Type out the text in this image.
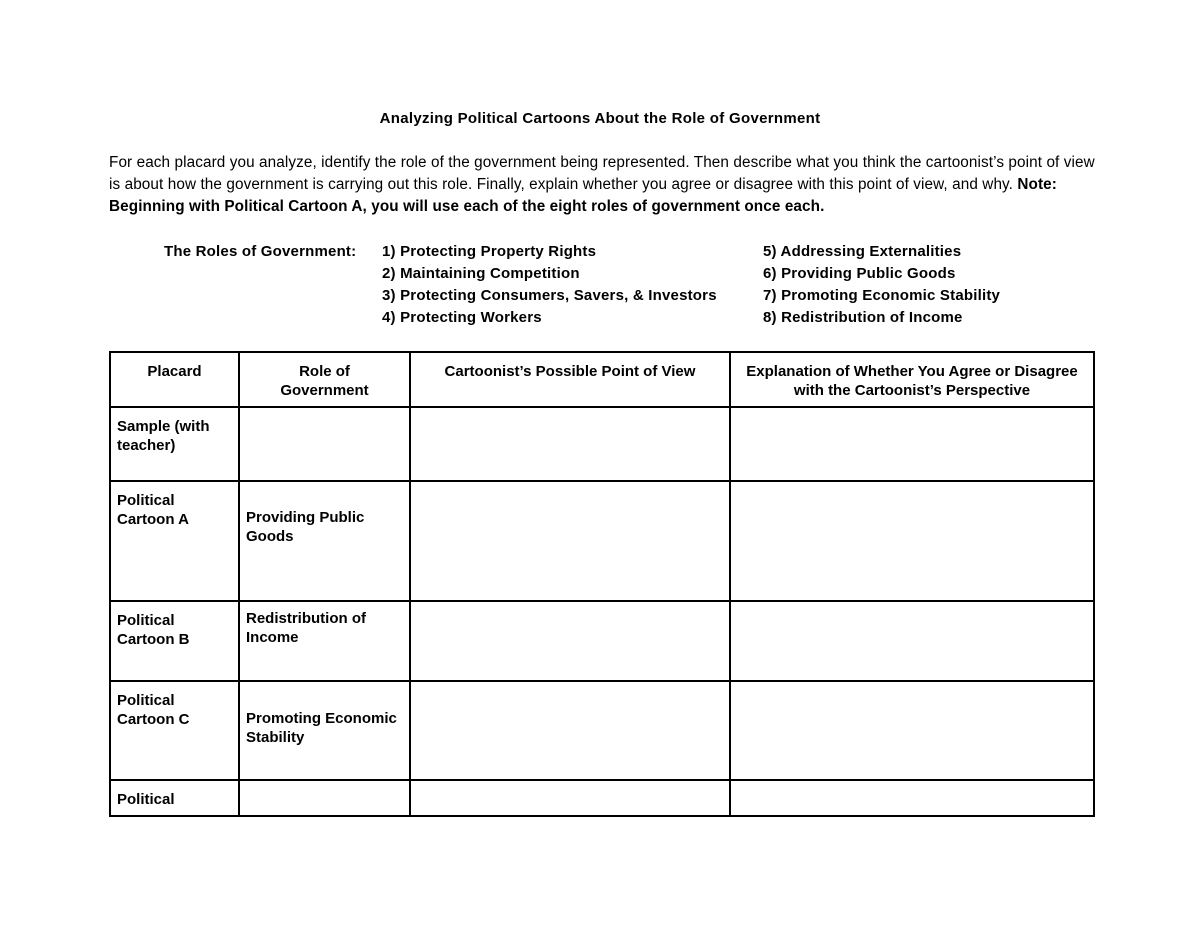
Analyzing Political Cartoons About the Role of Government
For each placard you analyze, identify the role of the government being represented. Then describe what you think the cartoonist’s point of view is about how the government is carrying out this role. Finally, explain whether you agree or disagree with this point of view, and why. Note: Beginning with Political Cartoon A, you will use each of the eight roles of government once each.
The Roles of Government: 1) Protecting Property Rights
2) Maintaining Competition
3) Protecting Consumers, Savers, & Investors
4) Protecting Workers
5) Addressing Externalities
6) Providing Public Goods
7) Promoting Economic Stability
8) Redistribution of Income
Placard	Role of Government	Cartoonist’s Possible Point of View	Explanation of Whether You Agree or Disagree with the Cartoonist’s Perspective

Sample (with teacher)			

Political Cartoon A	Providing Public Goods		

Political Cartoon B	Redistribution of Income		

Political Cartoon C	Promoting Economic Stability		

Political			
